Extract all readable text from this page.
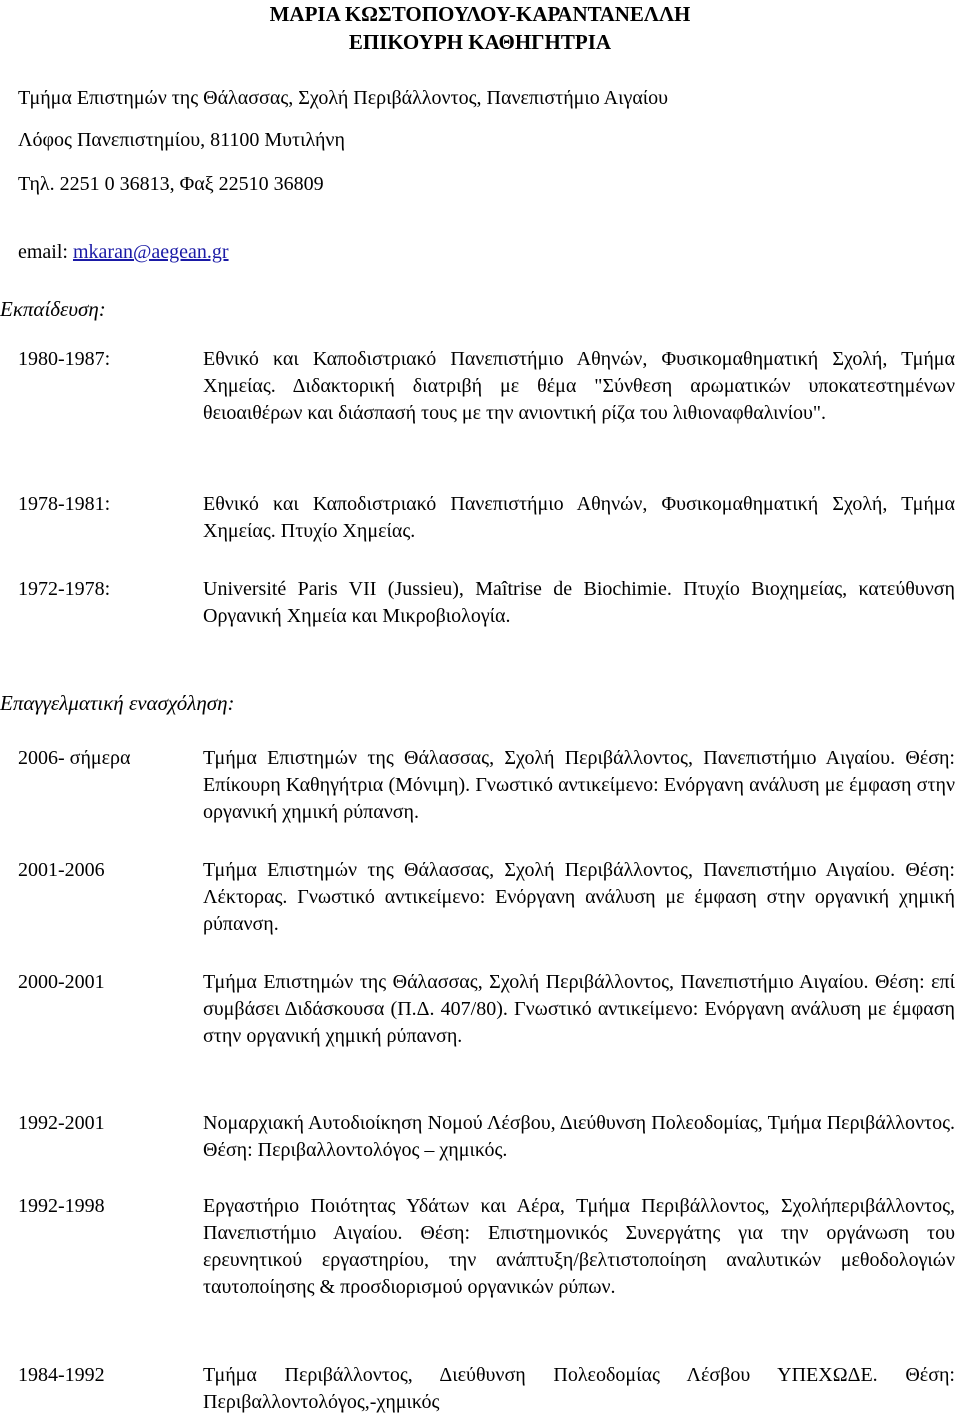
ΜΑΡΙΑ ΚΩΣΤΟΠΟΥΛΟΥ-ΚΑΡΑΝΤΑΝΕΛΛΗ
ΕΠΙΚΟΥΡΗ ΚΑΘΗΓΗΤΡΙΑ
Τμήμα Επιστημών της Θάλασσας, Σχολή Περιβάλλοντος, Πανεπιστήμιο Αιγαίου
Λόφος Πανεπιστημίου, 81100 Μυτιλήνη
Τηλ. 2251 0 36813, Φαξ 22510 36809
email: mkaran@aegean.gr
Εκπαίδευση:
1980-1987:	Εθνικό και Καποδιστριακό Πανεπιστήμιο Αθηνών, Φυσικομαθηματική Σχολή, Τμήμα Χημείας. Διδακτορική διατριβή με θέμα "Σύνθεση αρωματικών υποκατεστημένων θειοαιθέρων και διάσπασή τους με την ανιοντική ρίζα του λιθιοναφθαλινίου".
1978-1981:	Εθνικό και Καποδιστριακό Πανεπιστήμιο Αθηνών, Φυσικομαθηματική Σχολή, Τμήμα Χημείας. Πτυχίο Χημείας.
1972-1978:	Université Paris VII (Jussieu), Maîtrise de Biochimie. Πτυχίο Βιοχημείας, κατεύθυνση Οργανική Χημεία και Μικροβιολογία.
Επαγγελματική ενασχόληση:
2006- σήμερα	Τμήμα Επιστημών της Θάλασσας, Σχολή Περιβάλλοντος, Πανεπιστήμιο Αιγαίου. Θέση: Επίκουρη Καθηγήτρια (Μόνιμη). Γνωστικό αντικείμενο: Ενόργανη ανάλυση με έμφαση στην οργανική χημική ρύπανση.
2001-2006	Τμήμα Επιστημών της Θάλασσας, Σχολή Περιβάλλοντος, Πανεπιστήμιο Αιγαίου. Θέση: Λέκτορας. Γνωστικό αντικείμενο: Ενόργανη ανάλυση με έμφαση στην οργανική χημική ρύπανση.
2000-2001	Τμήμα Επιστημών της Θάλασσας, Σχολή Περιβάλλοντος, Πανεπιστήμιο Αιγαίου. Θέση: επί συμβάσει Διδάσκουσα (Π.Δ. 407/80). Γνωστικό αντικείμενο: Ενόργανη ανάλυση με έμφαση στην οργανική χημική ρύπανση.
1992-2001	Νομαρχιακή Αυτοδιοίκηση Νομού Λέσβου, Διεύθυνση Πολεοδομίας, Τμήμα Περιβάλλοντος. Θέση: Περιβαλλοντολόγος – χημικός.
1992-1998	Εργαστήριο Ποιότητας Υδάτων και Αέρα, Τμήμα Περιβάλλοντος, Σχολήπεριβάλλοντος, Πανεπιστήμιο Αιγαίου. Θέση: Επιστημονικός Συνεργάτης για την οργάνωση του ερευνητικού εργαστηρίου, την ανάπτυξη/βελτιστοποίηση αναλυτικών μεθοδολογιών ταυτοποίησης & προσδιορισμού οργανικών ρύπων.
1984-1992	Τμήμα Περιβάλλοντος, Διεύθυνση Πολεοδομίας Λέσβου ΥΠΕΧΩΔΕ. Θέση: Περιβαλλοντολόγος,-χημικός
